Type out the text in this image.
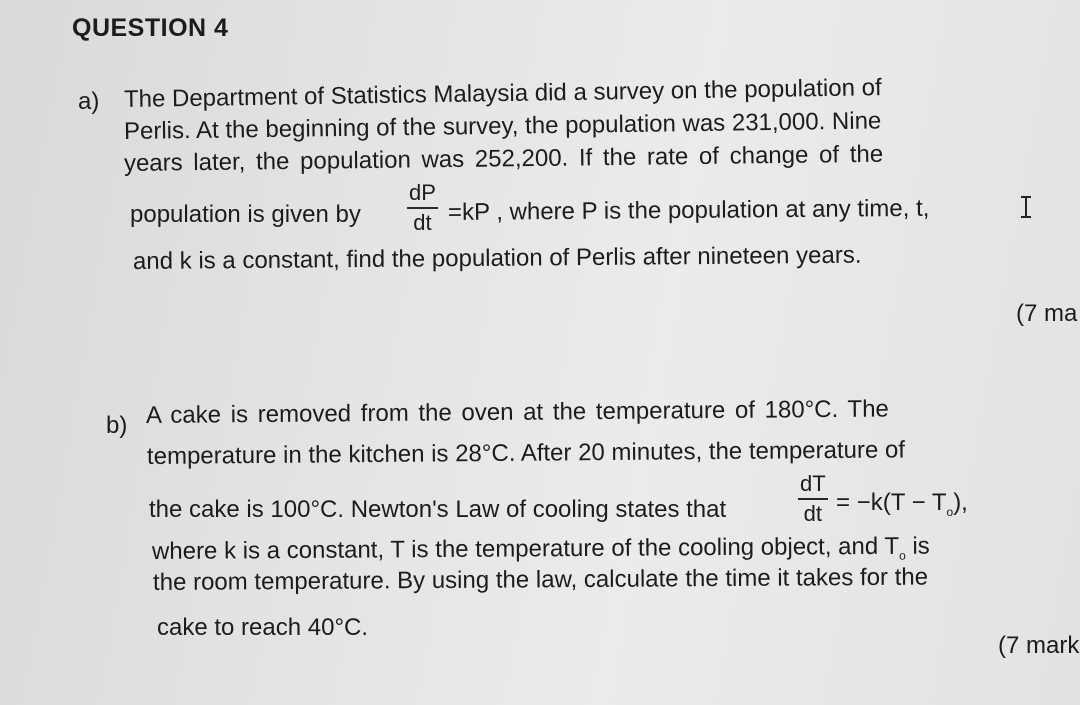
QUESTION 4
a) The Department of Statistics Malaysia did a survey on the population of
Perlis. At the beginning of the survey, the population was 231,000. Nine
years later, the population was 252,200. If the rate of change of the
population is given by
dP
dt =kP , where P is the population at any time, t,
and k is a constant, find the population of Perlis after nineteen years.
(7 ma
b) A cake is removed from the oven at the temperature of 180°C. The
temperature in the kitchen is 28°C. After 20 minutes, the temperature of
the cake is 100°C. Newton's Law of cooling states that
dT
dt = $-k(T - T_o)$,
where k is a constant, T is the temperature of the cooling object, and $T_o$ is
the room temperature. By using the law, calculate the time it takes for the
cake to reach 40°C.
(7 mark
